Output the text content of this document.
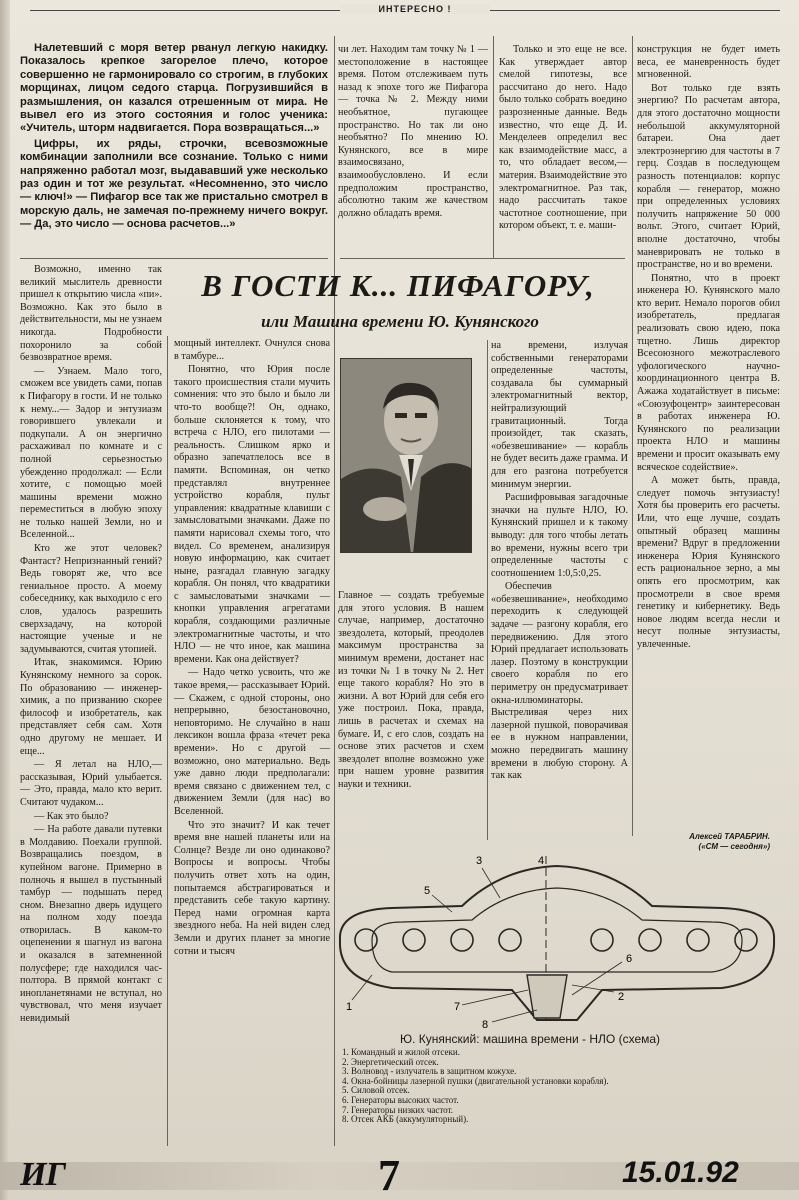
ИНТЕРЕСНО !

Налетевший с моря ветер рванул легкую накидку. Показалось крепкое загорелое плечо, которое совершенно не гармонировало со строгим, в глубоких морщинах, лицом седого старца. Погрузившийся в размышления, он казался отрешенным от мира. Не вывел его из этого состояния и голос ученика: «Учитель, шторм надвигается. Пора возвращаться...»

Цифры, их ряды, строчки, всевозможные комбинации заполнили все сознание. Только с ними напряженно работал мозг, выдававший уже несколько раз один и тот же результат. «Несомненно, это число — ключ!» — Пифагор все так же пристально смотрел в морскую даль, не замечая по-прежнему ничего вокруг.— Да, это число — основа расчетов...»

Возможно, именно так великий мыслитель древности пришел к открытию числа «пи». Возможно. Как это было в действительности, мы не узнаем никогда. Подробности похоронило за собой безвозвратное время.

— Узнаем. Мало того, сможем все увидеть сами, попав к Пифагору в гости. И не только к нему...— Задор и энтузиазм говорившего увлекали и подкупали. А он энергично расхаживал по комнате и с полной серьезностью убежденно продолжал: — Если хотите, с помощью моей машины времени можно переместиться в любую эпоху не только нашей Земли, но и Вселенной...

Кто же этот человек? Фантаст? Непризнанный гений? Ведь говорят же, что все гениальное просто. А моему собеседнику, как выходило с его слов, удалось разрешить сверхзадачу, на которой настоящие ученые и не задумываются, считая утопией.

Итак, знакомимся. Юрию Кунянскому немного за сорок. По образованию — инженер-химик, а по призванию скорее философ и изобретатель, как представляет себя сам. Хотя одно другому не мешает. И еще...

— Я летал на НЛО,— рассказывая, Юрий улыбается.— Это, правда, мало кто верит. Считают чудаком...

— Как это было?

— На работе давали путевки в Молдавию. Поехали группой. Возвращались поездом, в купейном вагоне. Примерно в полночь я вышел в пустынный тамбур — подышать перед сном. Внезапно дверь идущего на полном ходу поезда отворилась. В каком-то оцепенении я шагнул из вагона и оказался в затемненной полусфере; где находился час-полтора. В прямой контакт с инопланетянами не вступал, но чувствовал, что меня изучает невидимый

В ГОСТИ К... ПИФАГОРУ,
или Машина времени Ю. Кунянского

мощный интеллект. Очнулся снова в тамбуре...

Понятно, что Юрия после такого происшествия стали мучить сомнения: что это было и было ли что-то вообще?! Он, однако, больше склоняется к тому, что встреча с НЛО, его пилотами — реальность. Слишком ярко и образно запечатлелось все в памяти. Вспоминая, он четко представлял внутреннее устройство корабля, пульт управления: квадратные клавиши с замысловатыми значками. Даже по памяти нарисовал схемы того, что видел. Со временем, анализируя новую информацию, как считает ныне, разгадал главную загадку корабля. Он понял, что квадратики с замысловатыми значками — кнопки управления агрегатами корабля, создающими различные электромагнитные частоты, и что НЛО — не что иное, как машина времени. Как она действует?

— Надо четко усвоить, что же такое время,— рассказывает Юрий.— Скажем, с одной стороны, оно непрерывно, безостановочно, неповторимо. Не случайно в наш лексикон вошла фраза «течет река времени». Но с другой — возможно, оно материально. Ведь уже давно люди предполагали: время связано с движением тел, с движением Земли (для нас) во Вселенной.

Что это значит? И как течет время вне нашей планеты или на Солнце? Везде ли оно одинаково? Вопросы и вопросы. Чтобы получить ответ хоть на один, попытаемся абстрагироваться и представить себе такую картину. Перед нами огромная карта звездного неба. На ней виден след Земли и других планет за многие сотни и тысяч

чи лет. Находим там точку № 1 — местоположение в настоящее время. Потом отслеживаем путь назад к эпохе того же Пифагора — точка № 2. Между ними необъятное, пугающее пространство. Но так ли оно необъятно? По мнению Ю. Кунянского, все в мире взаимосвязано, взаимообусловлено. И если предположим пространство, абсолютно таким же качеством должно обладать время.

Главное — создать требуемые для этого условия. В нашем случае, например, достаточно звездолета, который, преодолев максимум пространства за минимум времени, достанет нас из точки № 1 в точку № 2. Нет еще такого корабля? Но это в жизни. А вот Юрий для себя его уже построил. Пока, правда, лишь в расчетах и схемах на бумаге. И, с его слов, создать на основе этих расчетов и схем звездолет вполне возможно уже при нашем уровне развития науки и техники.

Только и это еще не все. Как утверждает автор смелой гипотезы, все рассчитано до него. Надо было только собрать воедино разрозненные данные. Ведь известно, что еще Д. И. Менделеев определил вес как взаимодействие масс, а то, что обладает весом,— материя. Взаимодействие это электромагнитное. Раз так, надо рассчитать такое частотное соотношение, при котором объект, т. е. маши-

на времени, излучая собственными генераторами определенные частоты, создавала бы суммарный электромагнитный вектор, нейтрализующий гравитационный. Тогда произойдет, так сказать, «обезвешивание» — корабль не будет весить даже грамма. И для его разгона потребуется минимум энергии.

Расшифровывая загадочные значки на пульте НЛО, Ю. Кунянский пришел и к такому выводу: для того чтобы летать во времени, нужны всего три определенные частоты с соотношением 1:0,5:0,25.

Обеспечив «обезвешивание», необходимо переходить к следующей задаче — разгону корабля, его передвижению. Для этого Юрий предлагает использовать лазер. Поэтому в конструкции своего корабля по его периметру он предусматривает окна-иллюминаторы. Выстреливая через них лазерной пушкой, поворачивая ее в нужном направлении, можно передвигать машину времени в любую сторону. А так как

конструкция не будет иметь веса, ее маневренность будет мгновенной.

Вот только где взять энергию? По расчетам автора, для этого достаточно мощности небольшой аккумуляторной батареи. Она дает электроэнергию для частоты в 7 герц. Создав в последующем разность потенциалов: корпус корабля — генератор, можно при определенных условиях получить напряжение 50 000 вольт. Этого, считает Юрий, вполне достаточно, чтобы маневрировать не только в пространстве, но и во времени.

Понятно, что в проект инженера Ю. Кунянского мало кто верит. Немало порогов обил изобретатель, предлагая реализовать свою идею, пока тщетно. Лишь директор Всесоюзного межотраслевого уфологического научно-координационного центра В. Ажажа ходатайствует в письме: «Союзуфоцентр» заинтересован в работах инженера Ю. Кунянского по реализации проекта НЛО и машины времени и просит оказывать ему всяческое содействие».

А может быть, правда, следует помочь энтузиасту! Хотя бы проверить его расчеты. Или, что еще лучше, создать опытный образец машины времени? Вдруг в предложении инженера Юрия Кунянского есть рациональное зерно, а мы опять его просмотрим, как просмотрели в свое время генетику и кибернетику. Ведь новое людям всегда несли и несут полные энтузиасты, увлеченные.

Алексей ТАРАБРИН.
(«СМ — сегодня»)
1
2
3	4
5
6
7
8
Ю. Кунянский: машина времени - НЛО (схема)
1. Командный и жилой отсеки.
2. Энергетический отсек.
3. Волновод - излучатель в защитном кожухе.
4. Окна-бойницы лазерной пушки (двигательной установки корабля).
5. Силовой отсек.
6. Генераторы высоких частот.
7. Генераторы низких частот.
8. Отсек АКБ (аккумуляторный).
ИГ	7	15.01.92
